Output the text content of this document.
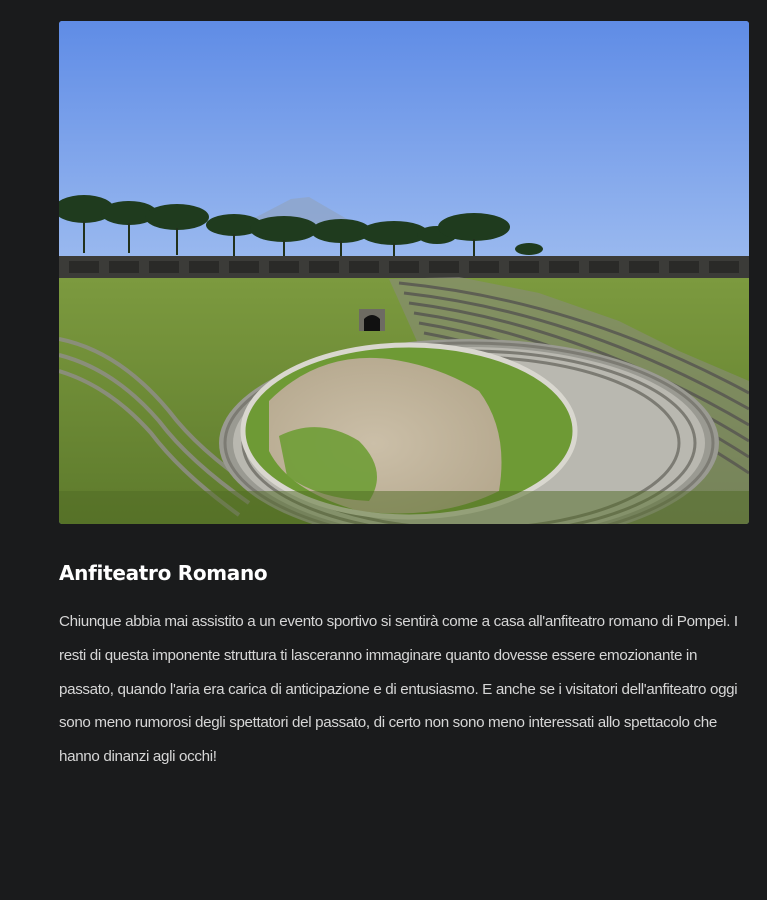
Anfiteatro Romano

Chiunque abbia mai assistito a un evento sportivo si sentirà come a casa all'anfiteatro romano di Pompei. I resti di questa imponente struttura ti lasceranno immaginare quanto dovesse essere emozionante in passato, quando l'aria era carica di anticipazione e di entusiasmo. E anche se i visitatori dell'anfiteatro oggi sono meno rumorosi degli spettatori del passato, di certo non sono meno interessati allo spettacolo che hanno dinanzi agli occhi!
